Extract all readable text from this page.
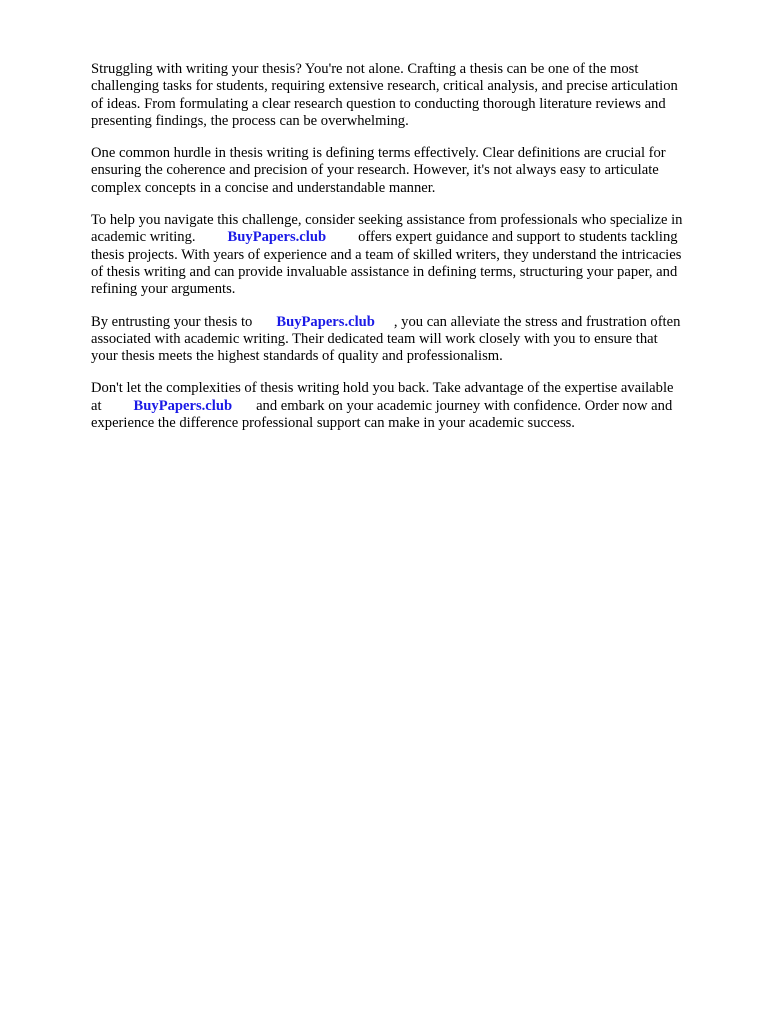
Struggling with writing your thesis? You're not alone. Crafting a thesis can be one of the most
challenging tasks for students, requiring extensive research, critical analysis, and precise articulation
of ideas. From formulating a clear research question to conducting thorough literature reviews and
presenting findings, the process can be overwhelming.

One common hurdle in thesis writing is defining terms effectively. Clear definitions are crucial for
ensuring the coherence and precision of your research. However, it's not always easy to articulate
complex concepts in a concise and understandable manner.

To help you navigate this challenge, consider seeking assistance from professionals who specialize in
academic writing. BuyPapers.club offers expert guidance and support to students tackling
thesis projects. With years of experience and a team of skilled writers, they understand the intricacies
of thesis writing and can provide invaluable assistance in defining terms, structuring your paper, and
refining your arguments.

By entrusting your thesis to BuyPapers.club , you can alleviate the stress and frustration often
associated with academic writing. Their dedicated team will work closely with you to ensure that
your thesis meets the highest standards of quality and professionalism.

Don't let the complexities of thesis writing hold you back. Take advantage of the expertise available
at BuyPapers.club and embark on your academic journey with confidence. Order now and
experience the difference professional support can make in your academic success.
